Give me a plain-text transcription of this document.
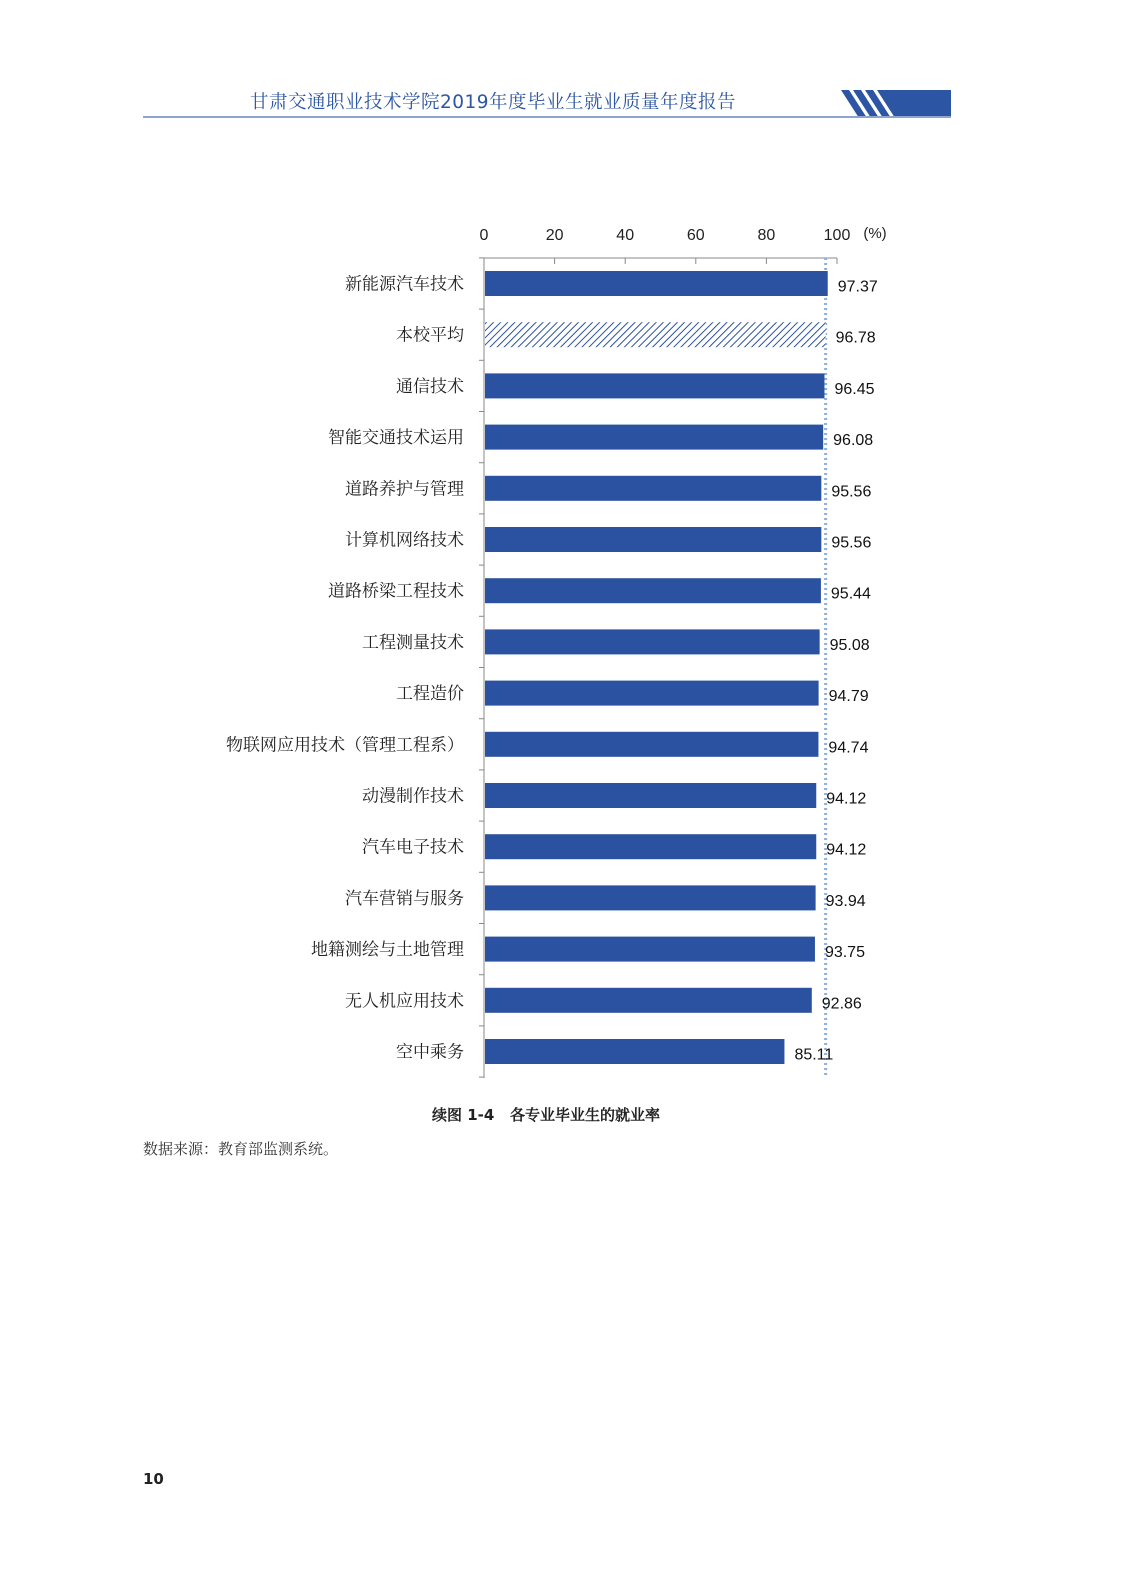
甘肃交通职业技术学院2019年度毕业生就业质量年度报告
0	20	40	60	80	100 (%)
新能源汽车技术	97.37
本校平均	96.78
通信技术	96.45
智能交通技术运用	96.08
道路养护与管理	95.56
计算机网络技术	95.56
道路桥梁工程技术	95.44
工程测量技术	95.08
工程造价	94.79
物联网应用技术（管理工程系）	94.74
动漫制作技术	94.12
汽车电子技术	94.12
汽车营销与服务	93.94
地籍测绘与土地管理	93.75
无人机应用技术	92.86
空中乘务	85.11
续图 1-4   各专业毕业生的就业率
数据来源：教育部监测系统。
10
